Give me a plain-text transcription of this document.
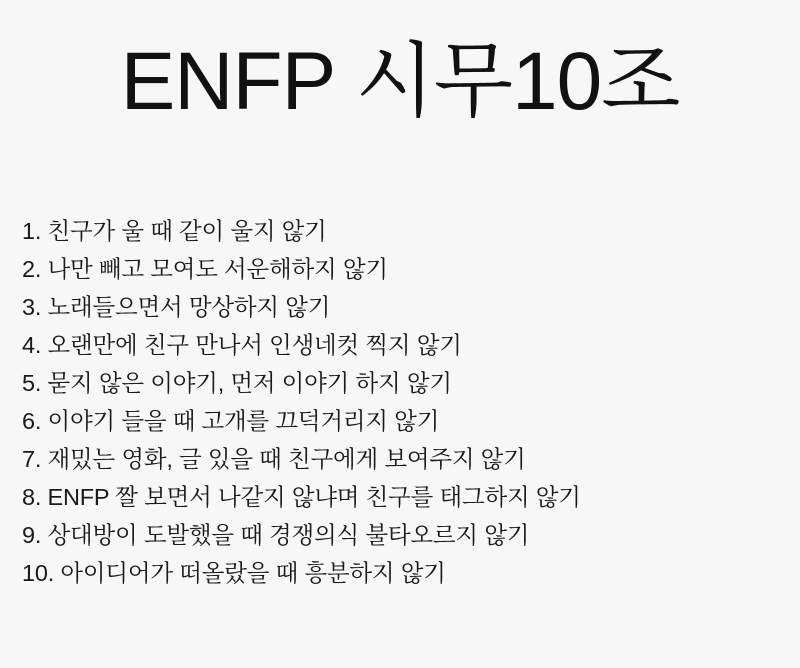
ENFP 시무10조
1. 친구가 울 때 같이 울지 않기
2. 나만 빼고 모여도 서운해하지 않기
3. 노래들으면서 망상하지 않기
4. 오랜만에 친구 만나서 인생네컷 찍지 않기
5. 묻지 않은 이야기, 먼저 이야기 하지 않기
6. 이야기 들을 때 고개를 끄덕거리지 않기
7. 재밌는 영화, 글 있을 때 친구에게 보여주지 않기
8. ENFP 짤 보면서 나같지 않냐며 친구를 태그하지 않기
9. 상대방이 도발했을 때 경쟁의식 불타오르지 않기
10. 아이디어가 떠올랐을 때 흥분하지 않기
